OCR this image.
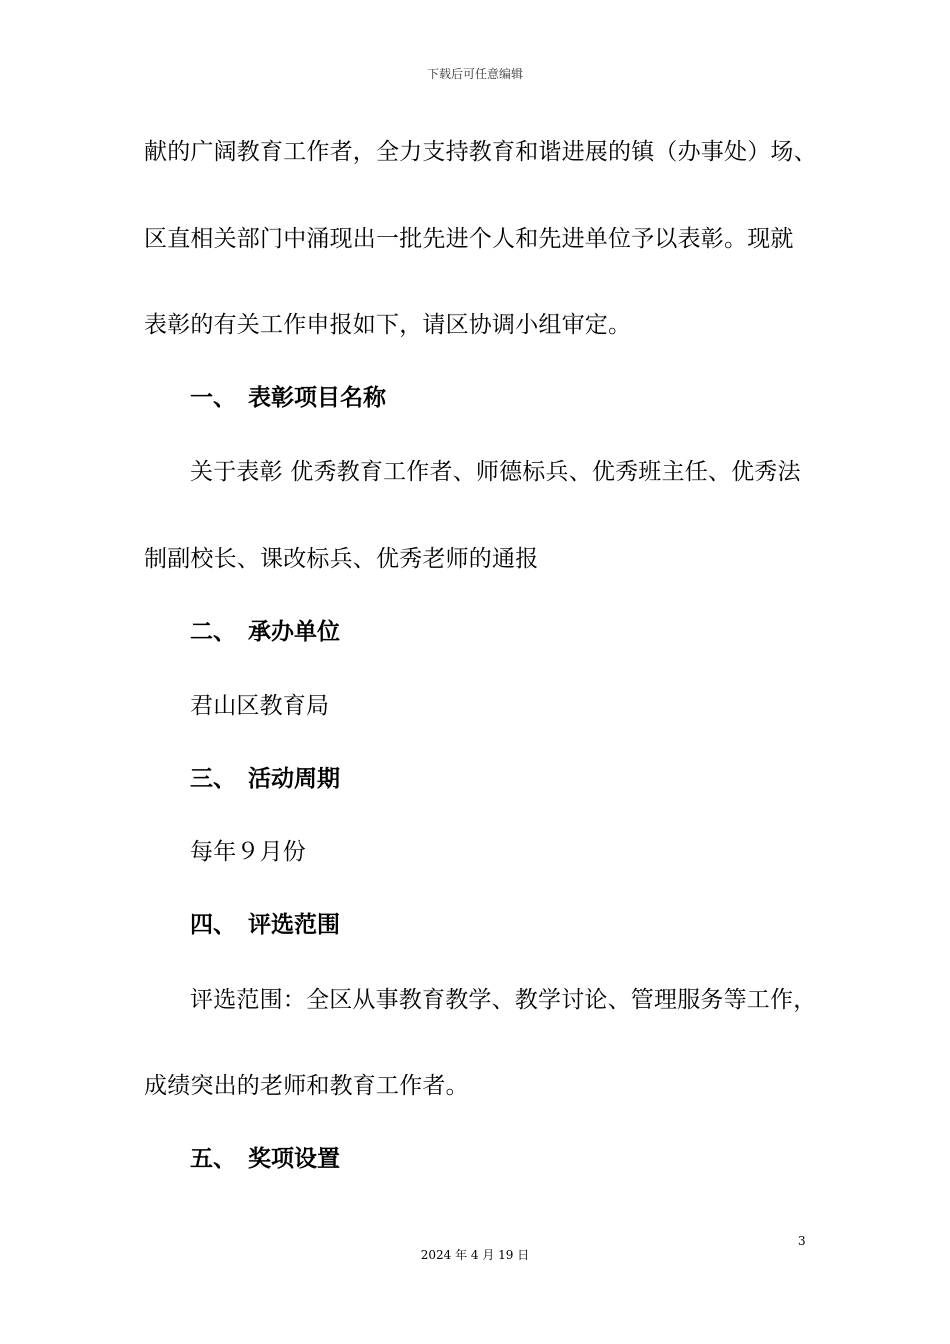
下载后可任意编辑
献的广阔教育工作者，全力支持教育和谐进展的镇（办事处）场、
区直相关部门中涌现出一批先进个人和先进单位予以表彰。现就
表彰的有关工作申报如下，请区协调小组审定。
一、 表彰项目名称
关于表彰 优秀教育工作者、师德标兵、优秀班主任、优秀法
制副校长、课改标兵、优秀老师的通报
二、 承办单位
君山区教育局
三、 活动周期
每年９月份
四、 评选范围
评选范围：全区从事教育教学、教学讨论、管理服务等工作，
成绩突出的老师和教育工作者。
五、 奖项设置
3
2024 年 4 月 19 日
